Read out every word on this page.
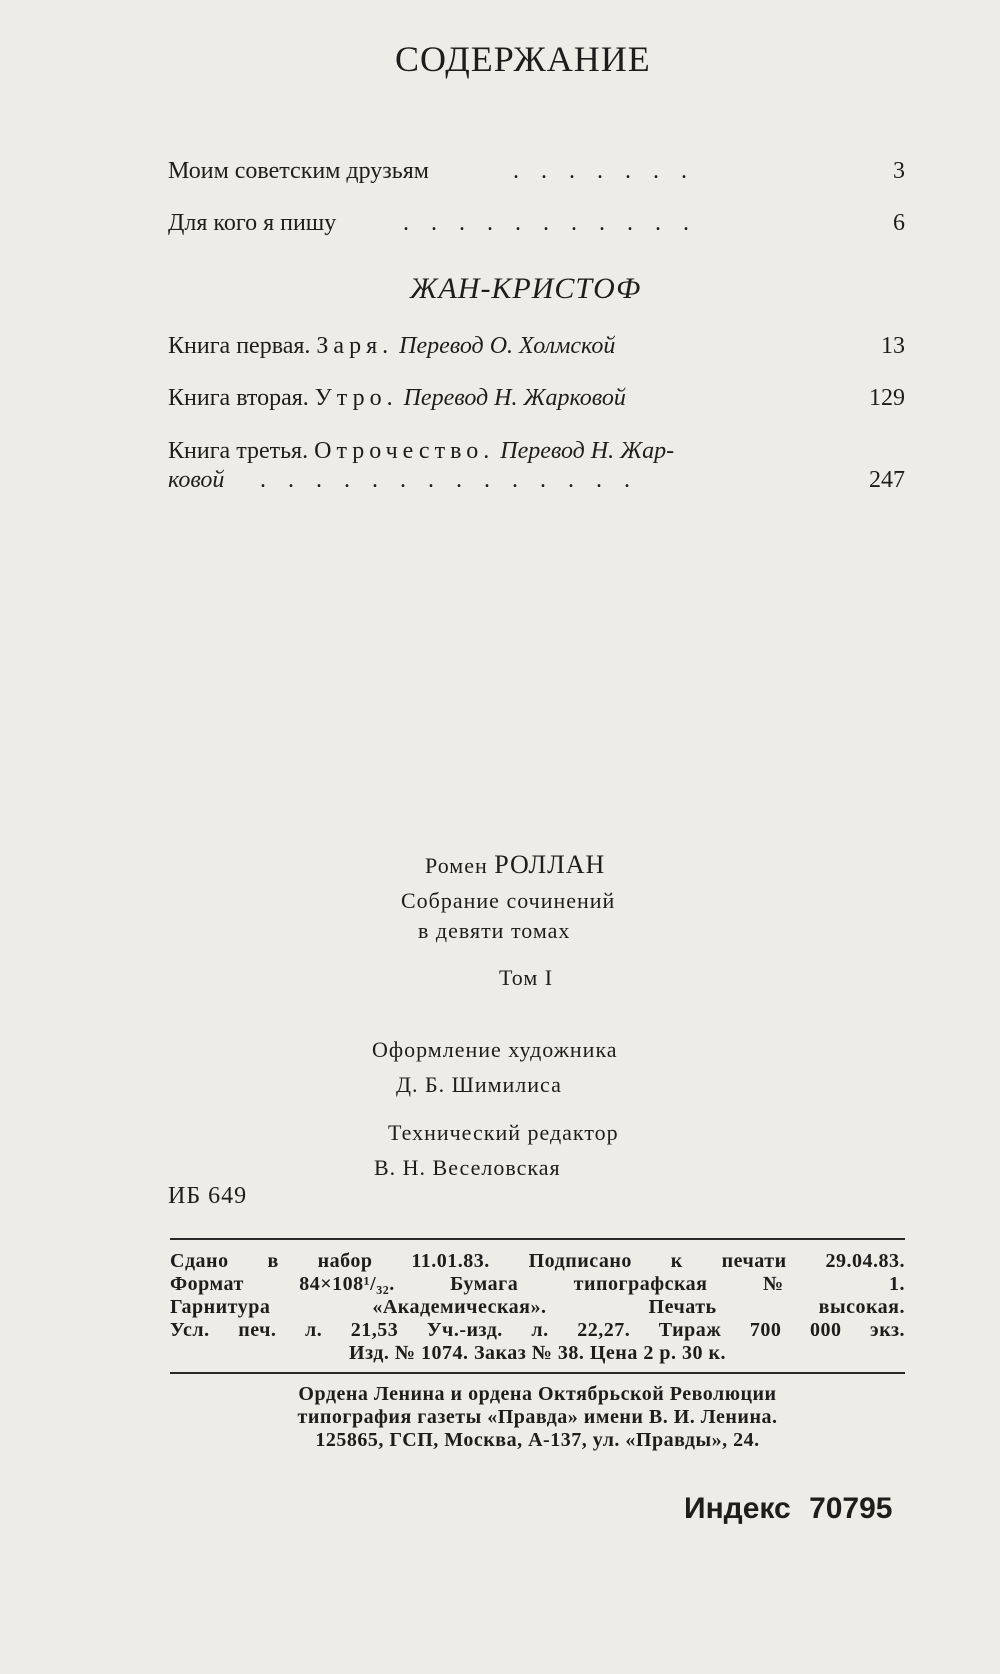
СОДЕРЖАНИЕ
Моим советским друзьям	. . . . . . .	3
Для кого я пишу	. . . . . . . . . . .	6
ЖАН-КРИСТОФ
Книга первая. Заря. Перевод О. Холмской	13
Книга вторая. Утро. Перевод Н. Жарковой	129
Книга третья. Отрочество. Перевод Н. Жар-
ковой . . . . . . . . . . . . . .	247
Ромен РОЛЛАН
Собрание сочинений
в девяти томах
Том I
Оформление художника
Д. Б. Шимилиса
Технический редактор
В. Н. Веселовская
ИБ 649
Сдано в набор 11.01.83. Подписано к печати 29.04.83.
Формат 84×108¹/₃₂. Бумага типографская № 1.
Гарнитура «Академическая». Печать высокая.
Усл. печ. л. 21,53 Уч.-изд. л. 22,27. Тираж 700 000 экз.
Изд. № 1074. Заказ № 38. Цена 2 р. 30 к.
Ордена Ленина и ордена Октябрьской Революции
типография газеты «Правда» имени В. И. Ленина.
125865, ГСП, Москва, А-137, ул. «Правды», 24.
Индекс 70795
